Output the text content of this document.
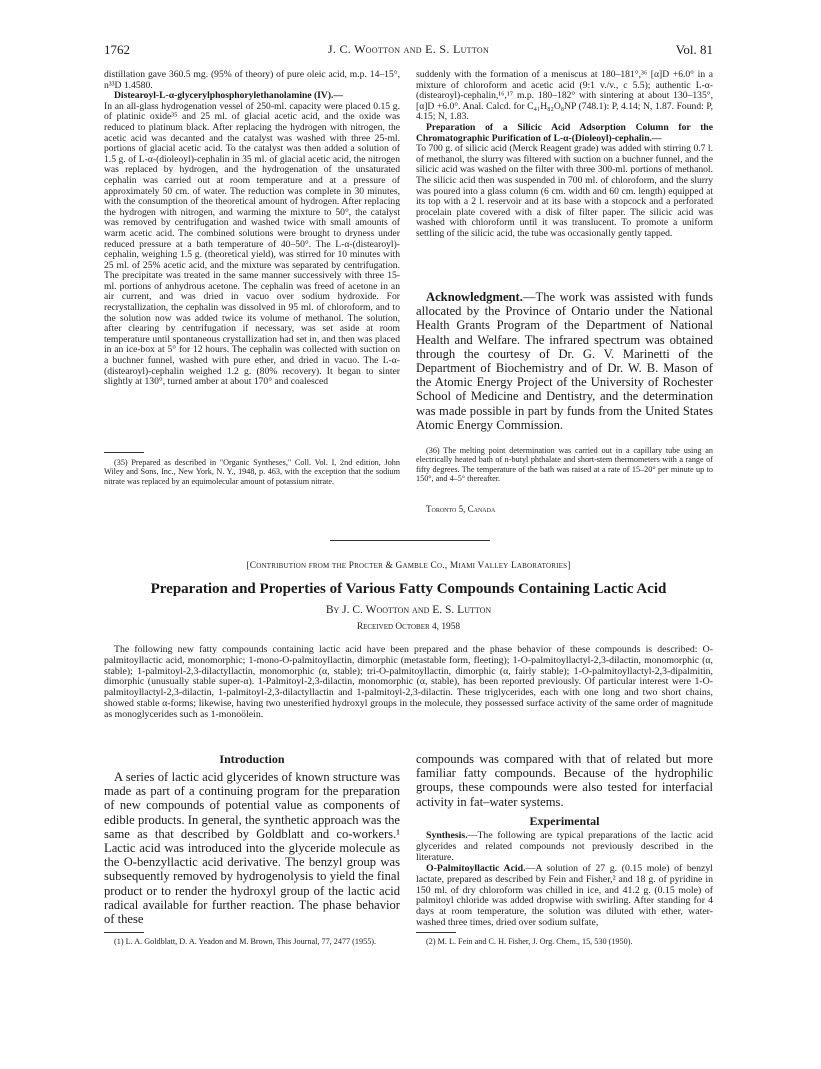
1762	J. C. Wootton and E. S. Lutton	Vol. 81

distillation gave 360.5 mg. (95% of theory) of pure oleic acid, m.p. 14–15°, n³³D 1.4580.

Distearoyl-L-α-glycerylphosphorylethanolamine (IV).—

In an all-glass hydrogenation vessel of 250-ml. capacity were placed 0.15 g. of platinic oxide³⁵ and 25 ml. of glacial acetic acid, and the oxide was reduced to platinum black. After replacing the hydrogen with nitrogen, the acetic acid was decanted and the catalyst was washed with three 25-ml. portions of glacial acetic acid. To the catalyst was then added a solution of 1.5 g. of L-α-(dioleoyl)-cephalin in 35 ml. of glacial acetic acid, the nitrogen was replaced by hydrogen, and the hydrogenation of the unsaturated cephalin was carried out at room temperature and at a pressure of approximately 50 cm. of water. The reduction was complete in 30 minutes, with the consumption of the theoretical amount of hydrogen. After replacing the hydrogen with nitrogen, and warming the mixture to 50°, the catalyst was removed by centrifugation and washed twice with small amounts of warm acetic acid. The combined solutions were brought to dryness under reduced pressure at a bath temperature of 40–50°. The L-α-(distearoyl)-cephalin, weighing 1.5 g. (theoretical yield), was stirred for 10 minutes with 25 ml. of 25% acetic acid, and the mixture was separated by centrifugation. The precipitate was treated in the same manner successively with three 15-ml. portions of anhydrous acetone. The cephalin was freed of acetone in an air current, and was dried in vacuo over sodium hydroxide. For recrystallization, the cephalin was dissolved in 95 ml. of chloroform, and to the solution now was added twice its volume of methanol. The solution, after clearing by centrifugation if necessary, was set aside at room temperature until spontaneous crystallization had set in, and then was placed in an ice-box at 5° for 12 hours. The cephalin was collected with suction on a buchner funnel, washed with pure ether, and dried in vacuo. The L-α-(distearoyl)-cephalin weighed 1.2 g. (80% recovery). It began to sinter slightly at 130°, turned amber at about 170° and coalesced

(35) Prepared as described in "Organic Syntheses," Coll. Vol. I, 2nd edition, John Wiley and Sons, Inc., New York, N. Y., 1948, p. 463, with the exception that the sodium nitrate was replaced by an equimolecular amount of potassium nitrate.

suddenly with the formation of a meniscus at 180–181°,³⁶ [α]D +6.0° in a mixture of chloroform and acetic acid (9:1 v./v., c 5.5); authentic L-α-(distearoyl)-cephalin,¹⁶,¹⁷ m.p. 180–182° with sintering at about 130–135°, [α]D +6.0°. Anal. Calcd. for C₄₁H₈₂O₈NP (748.1): P, 4.14; N, 1.87. Found: P, 4.15; N, 1.83.

Preparation of a Silicic Acid Adsorption Column for the Chromatographic Purification of L-α-(Dioleoyl)-cephalin.—

To 700 g. of silicic acid (Merck Reagent grade) was added with stirring 0.7 l. of methanol, the slurry was filtered with suction on a buchner funnel, and the silicic acid was washed on the filter with three 300-ml. portions of methanol. The silicic acid then was suspended in 700 ml. of chloroform, and the slurry was poured into a glass column (6 cm. width and 60 cm. length) equipped at its top with a 2 l. reservoir and at its base with a stopcock and a perforated procelain plate covered with a disk of filter paper. The silicic acid was washed with chloroform until it was translucent. To promote a uniform settling of the silicic acid, the tube was occasionally gently tapped.

Acknowledgment.—The work was assisted with funds allocated by the Province of Ontario under the National Health Grants Program of the Department of National Health and Welfare. The infrared spectrum was obtained through the courtesy of Dr. G. V. Marinetti of the Department of Biochemistry and of Dr. W. B. Mason of the Atomic Energy Project of the University of Rochester School of Medicine and Dentistry, and the determination was made possible in part by funds from the United States Atomic Energy Commission.

(36) The melting point determination was carried out in a capillary tube using an electrically heated bath of n-butyl phthalate and short-stem thermometers with a range of fifty degrees. The temperature of the bath was raised at a rate of 15–20° per minute up to 150°, and 4–5° thereafter.

Toronto 5, Canada
[Contribution from the Procter & Gamble Co., Miami Valley Laboratories]
Preparation and Properties of Various Fatty Compounds Containing Lactic Acid
By J. C. Wootton and E. S. Lutton
Received October 4, 1958

The following new fatty compounds containing lactic acid have been prepared and the phase behavior of these compounds is described: O-palmitoyllactic acid, monomorphic; 1-mono-O-palmitoyllactin, dimorphic (metastable form, fleeting); 1-O-palmitoyllactyl-2,3-dilactin, monomorphic (α, stable); 1-palmitoyl-2,3-dilactyllactin, monomorphic (α, stable); tri-O-palmitoyllactin, dimorphic (α, fairly stable); 1-O-palmitoyllactyl-2,3-dipalmitin, dimorphic (unusually stable super-α). 1-Palmitoyl-2,3-dilactin, monomorphic (α, stable), has been reported previously. Of particular interest were 1-O-palmitoyllactyl-2,3-dilactin, 1-palmitoyl-2,3-dilactyllactin and 1-palmitoyl-2,3-dilactin. These triglycerides, each with one long and two short chains, showed stable α-forms; likewise, having two unesterified hydroxyl groups in the molecule, they possessed surface activity of the same order of magnitude as monoglycerides such as 1-monoölein.

Introduction

A series of lactic acid glycerides of known structure was made as part of a continuing program for the preparation of new compounds of potential value as components of edible products. In general, the synthetic approach was the same as that described by Goldblatt and co-workers.¹ Lactic acid was introduced into the glyceride molecule as the O-benzyllactic acid derivative. The benzyl group was subsequently removed by hydrogenolysis to yield the final product or to render the hydroxyl group of the lactic acid radical available for further reaction. The phase behavior of these

(1) L. A. Goldblatt, D. A. Yeadon and M. Brown, This Journal, 77, 2477 (1955).

compounds was compared with that of related but more familiar fatty compounds. Because of the hydrophilic groups, these compounds were also tested for interfacial activity in fat–water systems.

Experimental

Synthesis.—The following are typical preparations of the lactic acid glycerides and related compounds not previously described in the literature.

O-Palmitoyllactic Acid.—A solution of 27 g. (0.15 mole) of benzyl lactate, prepared as described by Fein and Fisher,² and 18 g. of pyridine in 150 ml. of dry chloroform was chilled in ice, and 41.2 g. (0.15 mole) of palmitoyl chloride was added dropwise with swirling. After standing for 4 days at room temperature, the solution was diluted with ether, water-washed three times, dried over sodium sulfate,

(2) M. L. Fein and C. H. Fisher, J. Org. Chem., 15, 530 (1950).
